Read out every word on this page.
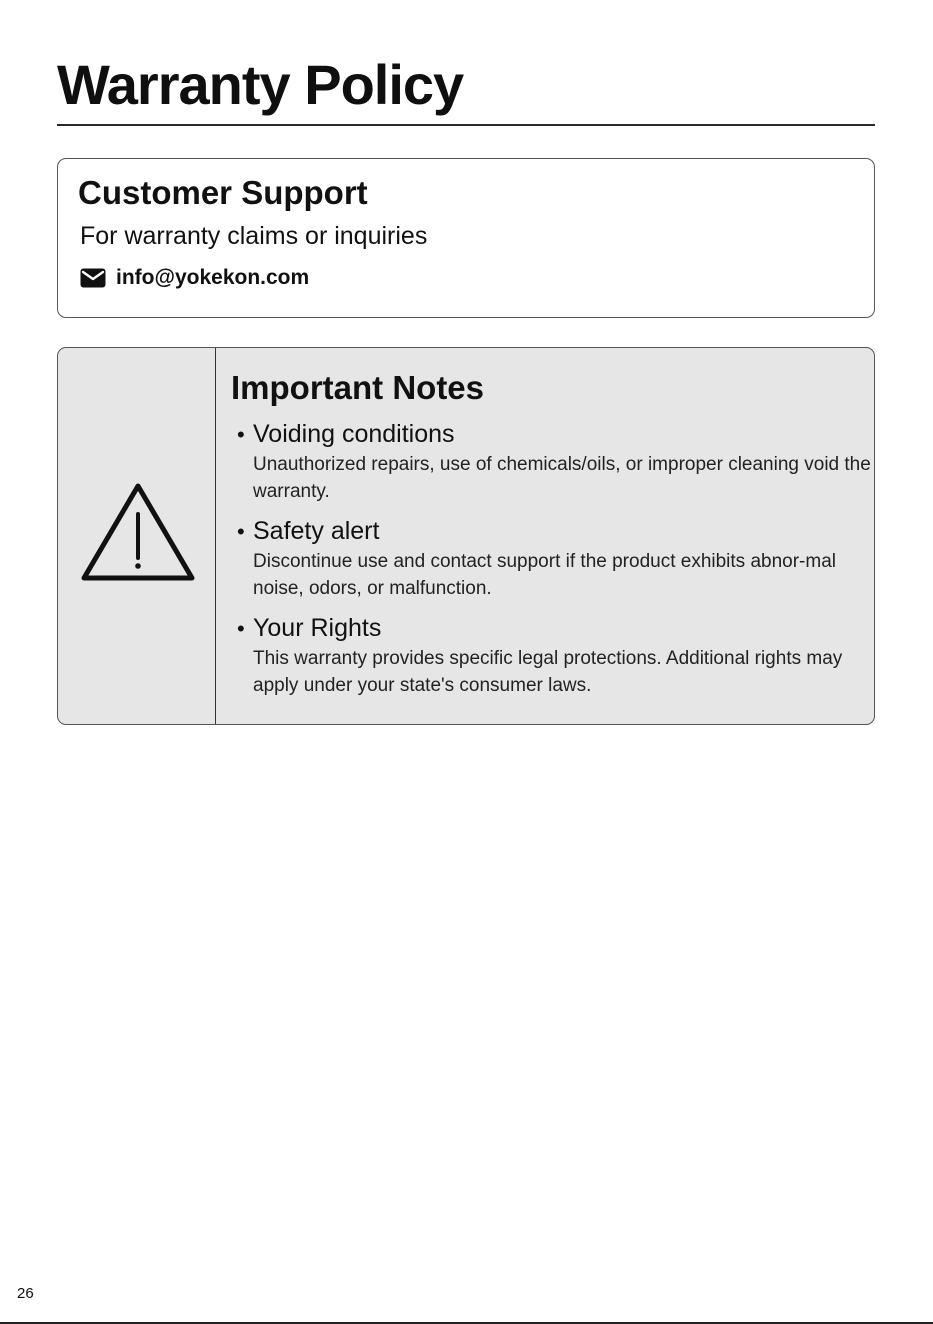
Warranty Policy
Customer Support
For warranty claims or inquiries
info@yokekon.com
Important Notes
• Voiding conditions
Unauthorized repairs, use of chemicals/oils, or improper cleaning void the warranty.
• Safety alert
Discontinue use and contact support if the product exhibits abnor-mal noise, odors, or malfunction.
• Your Rights
This warranty provides specific legal protections. Additional rights may apply under your state's consumer laws.
26
